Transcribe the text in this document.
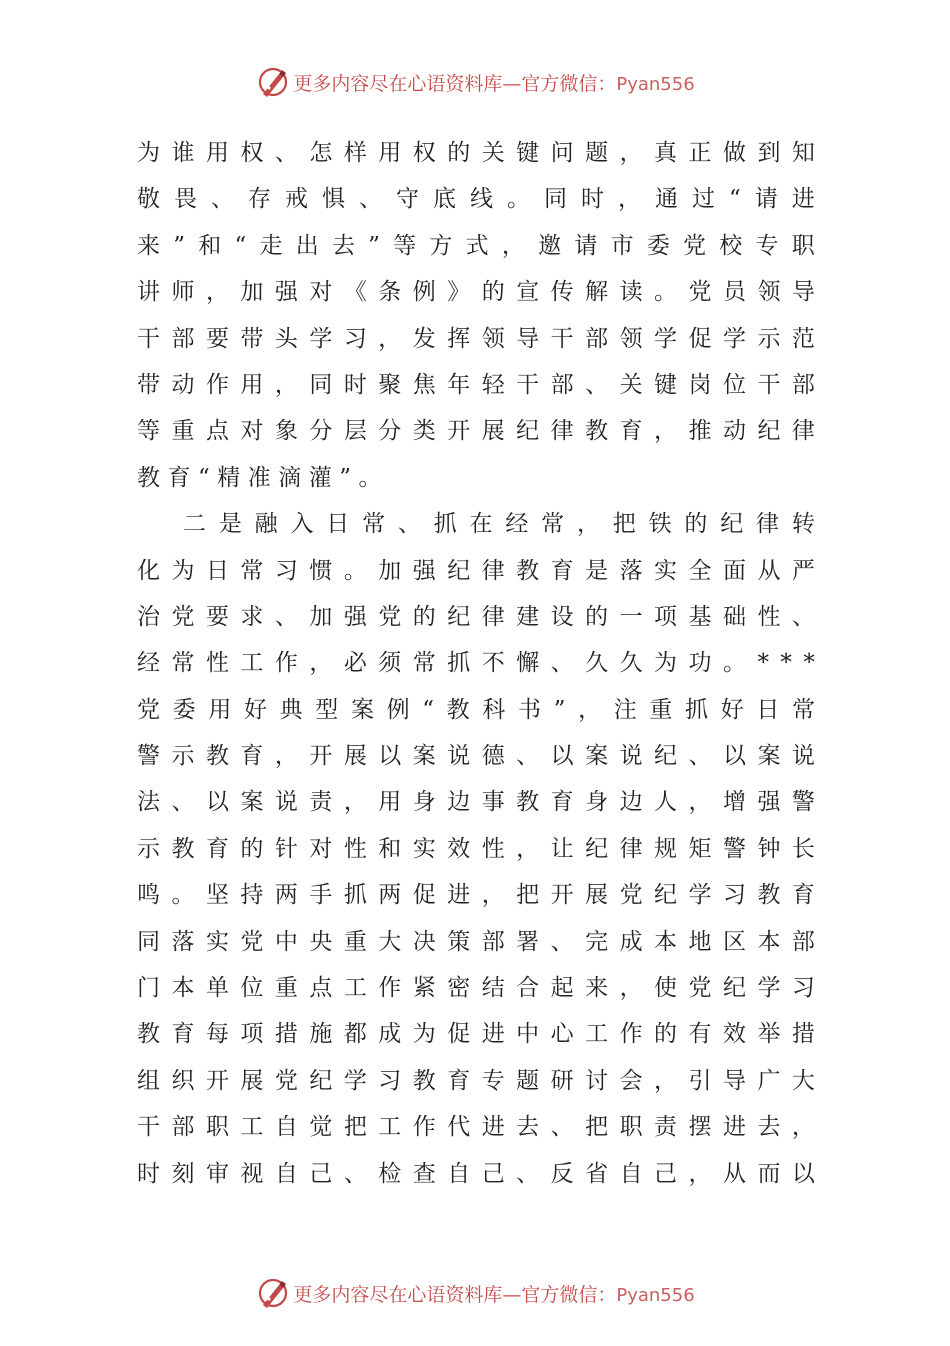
更多内容尽在心语资料库—官方微信：Pyan556
为 谁 用 权 、 怎 样 用 权 的 关 键 问 题 ， 真 正 做 到 知
敬 畏 、 存 戒 惧 、 守 底 线 。 同 时 ， 通 过 “ 请 进
来 ” 和 “ 走 出 去 ” 等 方 式 ， 邀 请 市 委 党 校 专 职
讲 师 ， 加 强 对 《 条 例 》 的 宣 传 解 读 。 党 员 领 导
干 部 要 带 头 学 习 ， 发 挥 领 导 干 部 领 学 促 学 示 范
带 动 作 用 ， 同 时 聚 焦 年 轻 干 部 、 关 键 岗 位 干 部
等 重 点 对 象 分 层 分 类 开 展 纪 律 教 育 ， 推 动 纪 律
教育“精准滴灌”。
二 是 融 入 日 常 、 抓 在 经 常 ， 把 铁 的 纪 律 转
化 为 日 常 习 惯 。 加 强 纪 律 教 育 是 落 实 全 面 从 严
治 党 要 求 、 加 强 党 的 纪 律 建 设 的 一 项 基 础 性 、
经 常 性 工 作 ， 必 须 常 抓 不 懈 、 久 久 为 功 。 * * *
党 委 用 好 典 型 案 例 “ 教 科 书 ” ， 注 重 抓 好 日 常
警 示 教 育 ， 开 展 以 案 说 德 、 以 案 说 纪 、 以 案 说
法 、 以 案 说 责 ， 用 身 边 事 教 育 身 边 人 ， 增 强 警
示 教 育 的 针 对 性 和 实 效 性 ， 让 纪 律 规 矩 警 钟 长
鸣 。 坚 持 两 手 抓 两 促 进 ， 把 开 展 党 纪 学 习 教 育
同 落 实 党 中 央 重 大 决 策 部 署 、 完 成 本 地 区 本 部
门 本 单 位 重 点 工 作 紧 密 结 合 起 来 ， 使 党 纪 学 习
教 育 每 项 措 施 都 成 为 促 进 中 心 工 作 的 有 效 举 措
组 织 开 展 党 纪 学 习 教 育 专 题 研 讨 会 ， 引 导 广 大
干 部 职 工 自 觉 把 工 作 代 进 去 、 把 职 责 摆 进 去 ，
时 刻 审 视 自 己 、 检 查 自 己 、 反 省 自 己 ， 从 而 以
更多内容尽在心语资料库—官方微信：Pyan556
